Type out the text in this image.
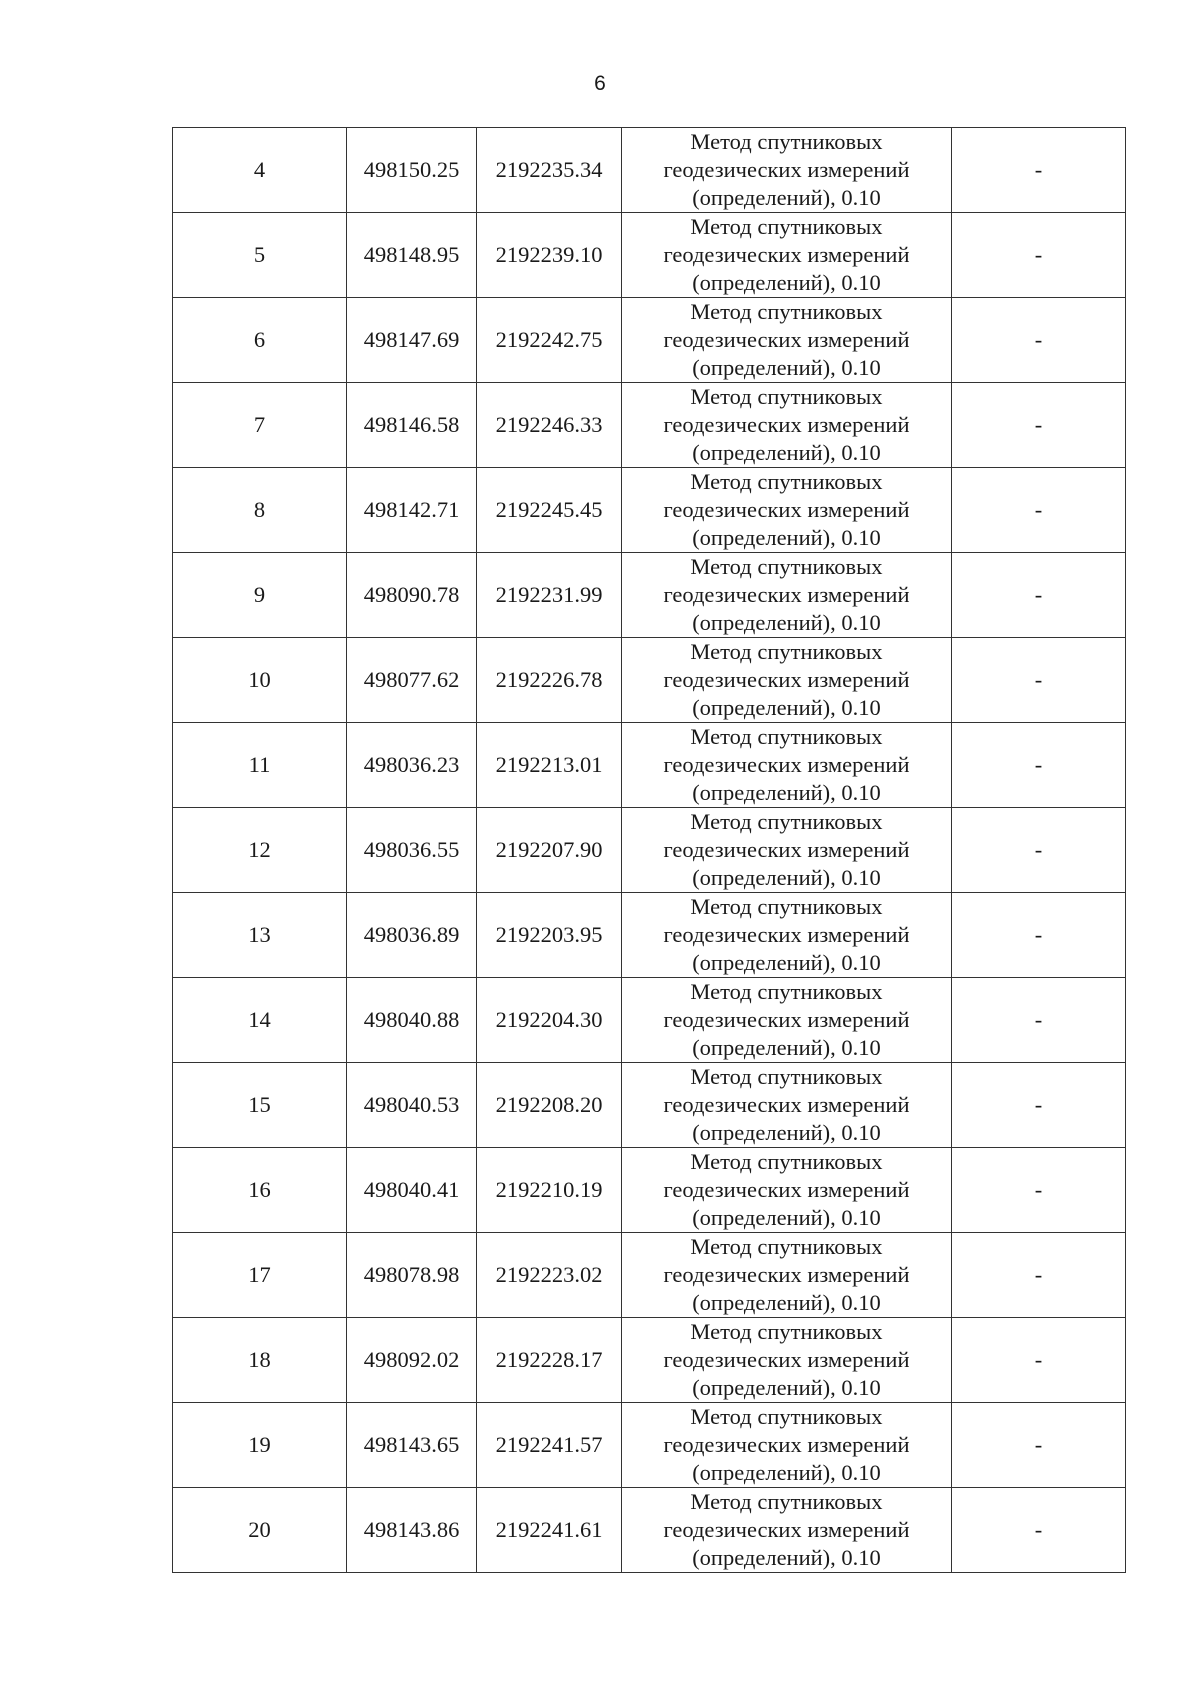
6
4	498150.25	2192235.34	Метод спутниковых
геодезических измерений
(определений), 0.10	-
5	498148.95	2192239.10	Метод спутниковых
геодезических измерений
(определений), 0.10	-
6	498147.69	2192242.75	Метод спутниковых
геодезических измерений
(определений), 0.10	-
7	498146.58	2192246.33	Метод спутниковых
геодезических измерений
(определений), 0.10	-
8	498142.71	2192245.45	Метод спутниковых
геодезических измерений
(определений), 0.10	-
9	498090.78	2192231.99	Метод спутниковых
геодезических измерений
(определений), 0.10	-
10	498077.62	2192226.78	Метод спутниковых
геодезических измерений
(определений), 0.10	-
11	498036.23	2192213.01	Метод спутниковых
геодезических измерений
(определений), 0.10	-
12	498036.55	2192207.90	Метод спутниковых
геодезических измерений
(определений), 0.10	-
13	498036.89	2192203.95	Метод спутниковых
геодезических измерений
(определений), 0.10	-
14	498040.88	2192204.30	Метод спутниковых
геодезических измерений
(определений), 0.10	-
15	498040.53	2192208.20	Метод спутниковых
геодезических измерений
(определений), 0.10	-
16	498040.41	2192210.19	Метод спутниковых
геодезических измерений
(определений), 0.10	-
17	498078.98	2192223.02	Метод спутниковых
геодезических измерений
(определений), 0.10	-
18	498092.02	2192228.17	Метод спутниковых
геодезических измерений
(определений), 0.10	-
19	498143.65	2192241.57	Метод спутниковых
геодезических измерений
(определений), 0.10	-
20	498143.86	2192241.61	Метод спутниковых
геодезических измерений
(определений), 0.10	-
